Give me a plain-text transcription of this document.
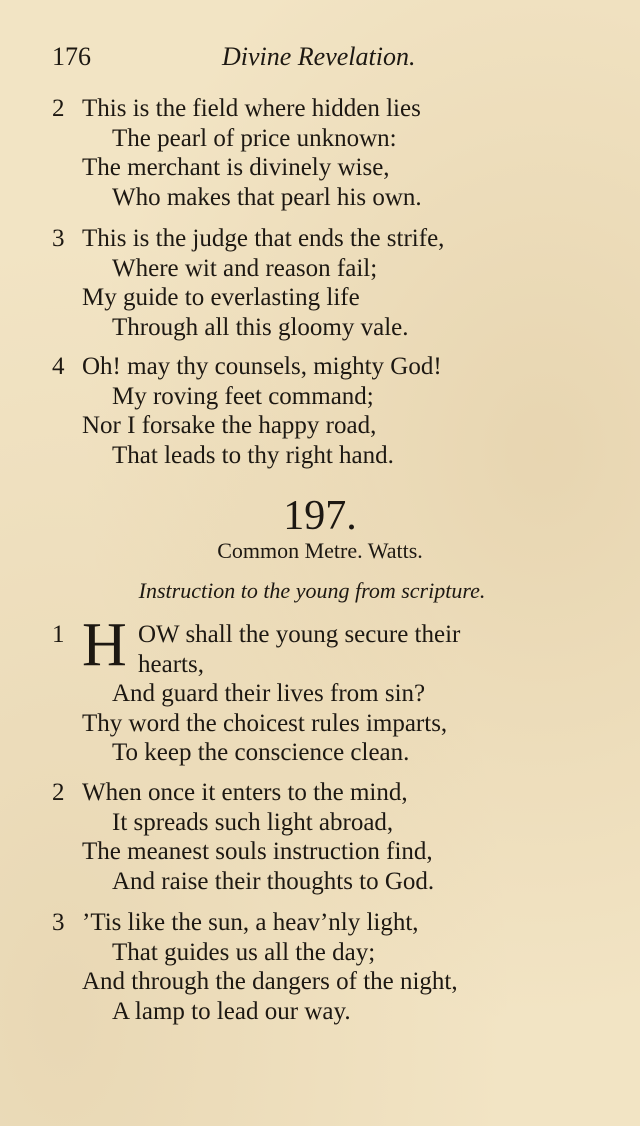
176	Divine Revelation.
2 This is the field where hidden lies
The pearl of price unknown:
The merchant is divinely wise,
Who makes that pearl his own.
3 This is the judge that ends the strife,
Where wit and reason fail;
My guide to everlasting life
Through all this gloomy vale.
4 Oh! may thy counsels, mighty God!
My roving feet command;
Nor I forsake the happy road,
That leads to thy right hand.
197.
Common Metre. Watts.
Instruction to the young from scripture.
1 H OW shall the young secure their
hearts,
And guard their lives from sin?
Thy word the choicest rules imparts,
To keep the conscience clean.
2 When once it enters to the mind,
It spreads such light abroad,
The meanest souls instruction find,
And raise their thoughts to God.
3 ’Tis like the sun, a heav’nly light,
That guides us all the day;
And through the dangers of the night,
A lamp to lead our way.
